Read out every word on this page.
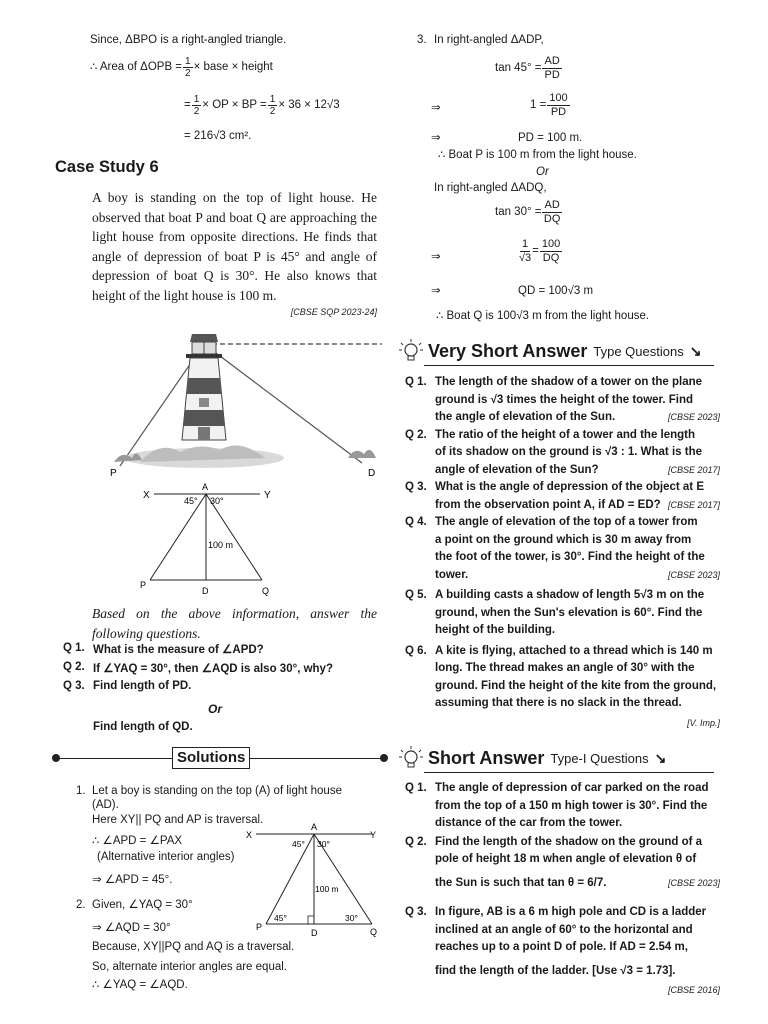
Since, ΔBPO is a right-angled triangle.
∴ Area of $\Delta OPB = \frac{1}{2}$ × base × height
= $\frac{1}{2}$ × OP × BP = $\frac{1}{2} \times 36 \times 12√3$
= 216√3 cm².
Case Study 6
A boy is standing on the top of light house. He observed that boat P and boat Q are approaching the light house from opposite directions. He finds that angle of depression of boat P is 45° and angle of depression of boat Q is 30°. He also knows that height of the light house is 100 m.
[CBSE SQP 2023-24]
P	D
X	Y
A
45° 30°
100 m
P
D	Q
Based on the above information, answer the following questions.
Q 1. What is the measure of ∠APD?
Q 2. If ∠YAQ = 30°, then ∠AQD is also 30°, why?
Q 3. Find length of PD.
Or
Find length of QD.
Solutions
1. Let a boy is standing on the top (A) of light house
(AD).
Here XY|| PQ and AP is traversal.
∴ ∠APD = ∠PAX
(Alternative interior angles)
⇒ ∠APD = 45°.
2. Given, ∠YAQ = 30°
⇒ ∠AQD = 30°
Because, XY||PQ and AQ is a traversal.
So, alternate interior angles are equal.
∴ ∠YAQ = ∠AQD.
X	Y
A
45° 30°
100 m
45°	30°
P
D	Q
3. In right-angled ΔADP,
$\tan 45^\circ = \frac{AD}{PD}$
⇒	$1 = \frac{100}{PD}$
⇒	PD = 100 m.
∴ Boat P is 100 m from the light house.
Or
In right-angled ΔADQ,
$\tan 30^\circ = \frac{AD}{DQ}$
⇒	$\frac{1}{√3} = \frac{100}{DQ}$
⇒	QD = 100√3 m
∴ Boat Q is 100√3 m from the light house.
Very Short Answer Type Questions ↘
Q 1. The length of the shadow of a tower on the plane
ground is √3 times the height of the tower. Find
the angle of elevation of the Sun.	[CBSE 2023]
Q 2. The ratio of the height of a tower and the length
of its shadow on the ground is √3 : 1. What is the
angle of elevation of the Sun?	[CBSE 2017]
Q 3. What is the angle of depression of the object at E
from the observation point A, if AD = ED? [CBSE 2017]
Q 4. The angle of elevation of the top of a tower from
a point on the ground which is 30 m away from
the foot of the tower, is 30°. Find the height of the
tower.	[CBSE 2023]
Q 5. A building casts a shadow of length 5√3 m on the
ground, when the Sun's elevation is 60°. Find the
height of the building.
Q 6. A kite is flying, attached to a thread which is 140 m
long. The thread makes an angle of 30° with the
ground. Find the height of the kite from the ground,
assuming that there is no slack in the thread.
[V. Imp.]
Short Answer Type-I Questions ↘
Q 1. The angle of depression of car parked on the road
from the top of a 150 m high tower is 30°. Find the
distance of the car from the tower.
Q 2. Find the length of the shadow on the ground of a
pole of height 18 m when angle of elevation θ of
the Sun is such that tan θ = 6/7.	[CBSE 2023]
Q 3. In figure, AB is a 6 m high pole and CD is a ladder
inclined at an angle of 60° to the horizontal and
reaches up to a point D of pole. If AD = 2.54 m,
find the length of the ladder. [Use √3 = 1.73].
[CBSE 2016]
